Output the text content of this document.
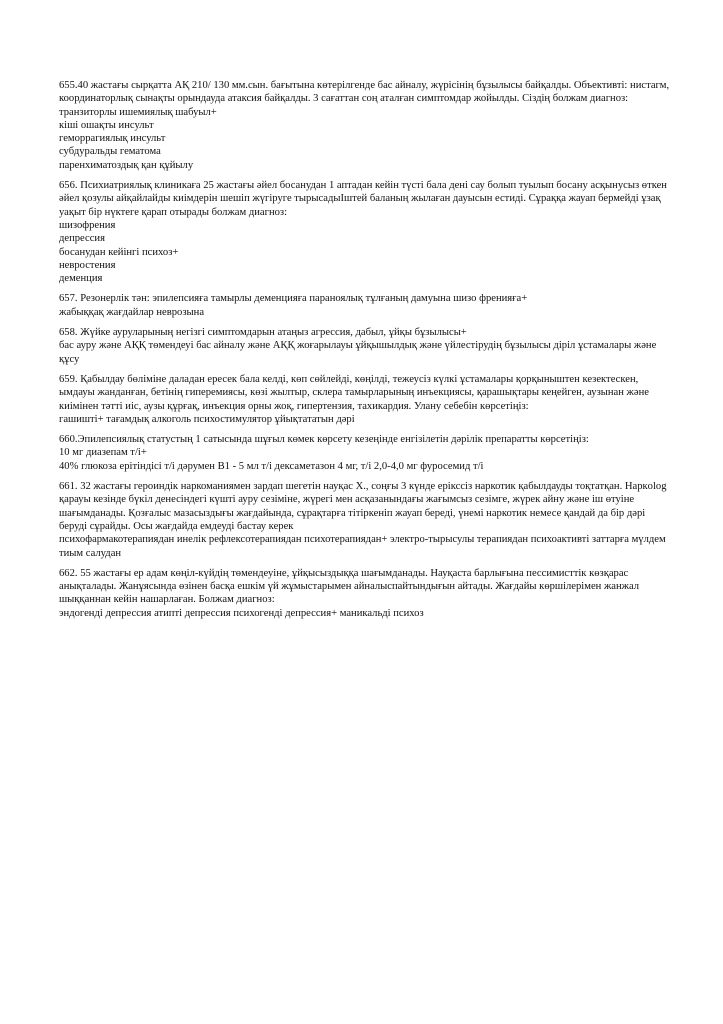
655.40 жастағы сырқатта АҚ 210/ 130 мм.сын. бағытына көтерілгенде бас айналу, жүрісінің бұзылысы байқалды. Объективті: нистагм, координаторлық сынақты орындауда атаксия байқалды. 3 сағаттан соң аталған симптомдар жойылды. Сіздің болжам диагноз:

транзиторлы ишемиялық шабуыл+

кіші ошақты инсульт

геморрагиялық инсульт

субдуральды гематома

паренхиматоздық қан құйылу

656. Психиатриялық клиникаға 25 жастағы әйел босанудан 1 аптадан кейін түсті бала дені сау болып туылып босану асқынусыз өткен әйел қозулы айқайлайды киімдерін шешіп жүгіруге тырысадыІштей баланың жылаған дауысын естиді. Сұраққа жауап бермейді ұзақ уақыт бір нүктеге қарап отырады болжам диагноз:

шизофрения

депрессия

босанудан кейінгі психоз+

невростения

деменция

657. Резонерлік тән: эпилепсияға тамырлы деменцияға параноялық тұлғаның дамуына шизо френияға+

жабыққақ жағдайлар неврозына

658. Жүйке ауруларының негізгі симптомдарын атаңыз агрессия, дабыл, ұйқы бұзылысы+

бас ауру және АҚҚ төмендеуі бас айналу және АҚҚ жоғарылауы ұйқышылдық және үйлестірудің бұзылысы діріл ұстамалары және құсу

659. Қабылдау бөліміне даладан ересек бала келді, көп сөйлейді, көңілді, тежеусіз күлкі ұстамалары қорқыныштен кезектескен, ымдауы жанданған, бетінің гиперемиясы, көзі жылтыр, склера тамырларының инъекциясы, қарашықтары кеңейген, аузынан және киімінен тәтті иіс, аузы құрғақ, инъекция орны жоқ, гипертензия, тахикардия. Улану себебін көрсетіңіз:

гашишті+ тағамдық алкоголь психостимулятор ұйықтататын дәрі

660.Эпилепсиялық статустың 1 сатысында шұғыл көмек көрсету кезеңінде енгізілетін дәрілік препаратты көрсетіңіз:

10 мг диазепам т/і+

40% глюкоза ерітіндісі т/і дәрумен В1 - 5 мл т/і дексаметазон 4 мг, т/і 2,0-4,0 мг фуросемид т/і

661. 32 жастағы героиндік наркоманиямен зардап шегетін науқас Х., соңғы 3 күнде ерікссіз наркотик қабылдауды тоқтатқан. Наркolog қарауы кезінде бүкіл денесіндегі күшті ауру сезіміне, жүрегі мен асқазанындағы жағымсыз сезімге, жүрек айну және іш өтуіне шағымданады. Қозғалыс мазасыздығы жағдайында, сұрақтарға тітіркеніп жауап береді, үнемі наркотик немесе қандай да бір дәрі беруді сұрайды. Осы жағдайда емдеуді бастау керек

психофармакотерапиядан инелік рефлексотерапиядан психотерапиядан+ электро-тырысулы терапиядан психоактивті заттарға мүлдем тиым салудан

662. 55 жастағы ер адам көңіл-күйдің төмендеуіне, ұйқысыздыққа шағымданады. Науқаста барлығына пессимисттік көзқарас анықталады. Жанұясында өзінен басқа ешкім үй жұмыстарымен айналыспайтындығын айтады. Жағдайы көршілерімен жанжал шыққаннан кейін нашарлаған. Болжам диагноз:

эндогенді депрессия атипті депрессия психогенді депрессия+ маникальді психоз
